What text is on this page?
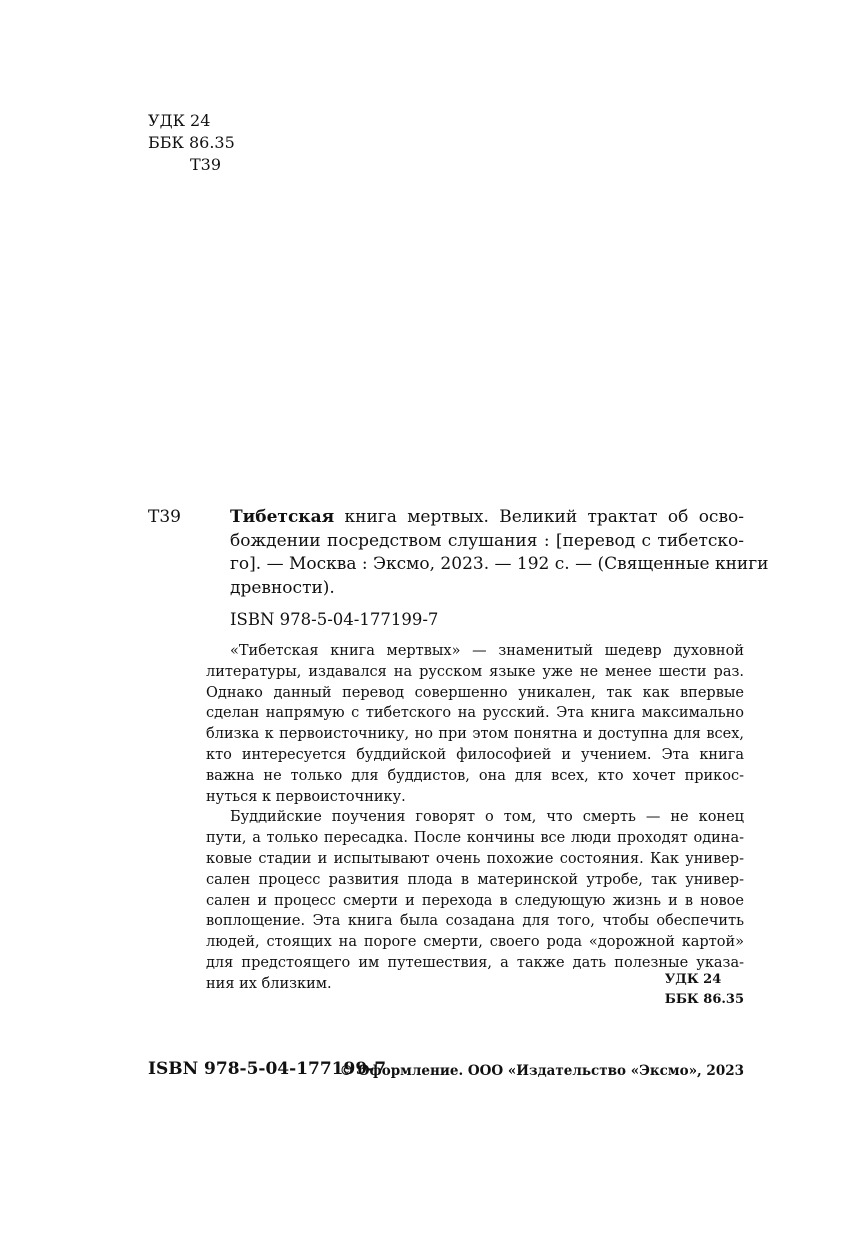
УДК 24
ББК 86.35
Т39
Т39	Тибетская книга мертвых. Великий трактат об осво-
бождении посредством слушания : [перевод с тибетско-
го]. — Москва : Эксмо, 2023. — 192 с. — (Священные книги
древности).
ISBN 978-5-04-177199-7
«Тибетская книга мертвых» — знаменитый шедевр духовной
литературы, издавался на русском языке уже не менее шести раз.
Однако данный перевод совершенно уникален, так как впервые
сделан напрямую с тибетского на русский. Эта книга максимально
близка к первоисточнику, но при этом понятна и доступна для всех,
кто интересуется буддийской философией и учением. Эта книга
важна не только для буддистов, она для всех, кто хочет прикос-
нуться к первоисточнику.
Буддийские поучения говорят о том, что смерть — не конец
пути, а только пересадка. После кончины все люди проходят одина-
ковые стадии и испытывают очень похожие состояния. Как универ-
сален процесс развития плода в материнской утробе, так универ-
сален и процесс смерти и перехода в следующую жизнь и в новое
воплощение. Эта книга была созадана для того, чтобы обеспечить
людей, стоящих на пороге смерти, своего рода «дорожной картой»
для предстоящего им путешествия, а также дать полезные указа-
ния их близким.	УДК 24
ББК 86.35
ISBN 978-5-04-177199-7
© Оформление. ООО «Издательство «Эксмо», 2023
